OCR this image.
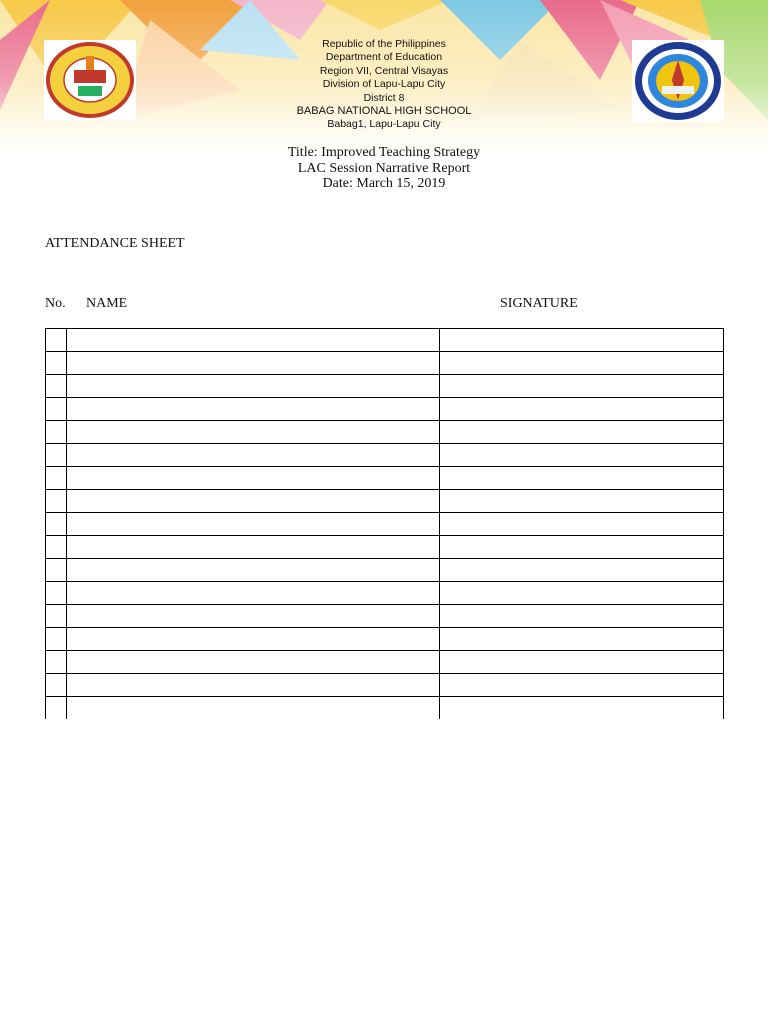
Republic of the Philippines
Department of Education
Region VII, Central Visayas
Division of Lapu-Lapu City
District 8
BABAG NATIONAL HIGH SCHOOL
Babag1, Lapu-Lapu City
Title: Improved Teaching Strategy
LAC Session Narrative Report
Date: March 15, 2019
ATTENDANCE SHEET
No. NAME	SIGNATURE
